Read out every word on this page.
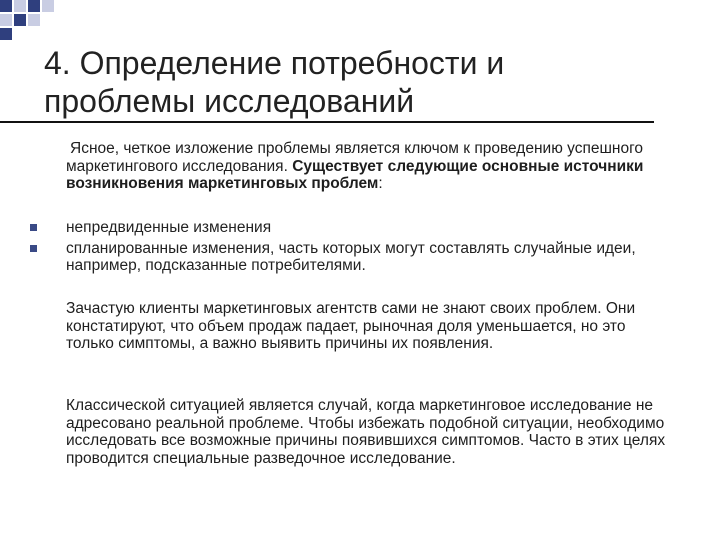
4. Определение потребности и проблемы исследований
Ясное, четкое изложение проблемы является ключом к проведению успешного маркетингового исследования. Существует следующие основные источники возникновения маркетинговых проблем:
непредвиденные изменения
спланированные изменения, часть которых могут составлять случайные идеи, например, подсказанные потребителями.
Зачастую клиенты маркетинговых агентств сами не знают своих проблем. Они констатируют, что объем продаж падает, рыночная доля уменьшается, но это только симптомы, а важно выявить причины их появления.
Классической ситуацией является случай, когда маркетинговое исследование не адресовано реальной проблеме. Чтобы избежать подобной ситуации, необходимо исследовать все возможные причины появившихся симптомов. Часто в этих целях проводится специальные разведочное исследование.
